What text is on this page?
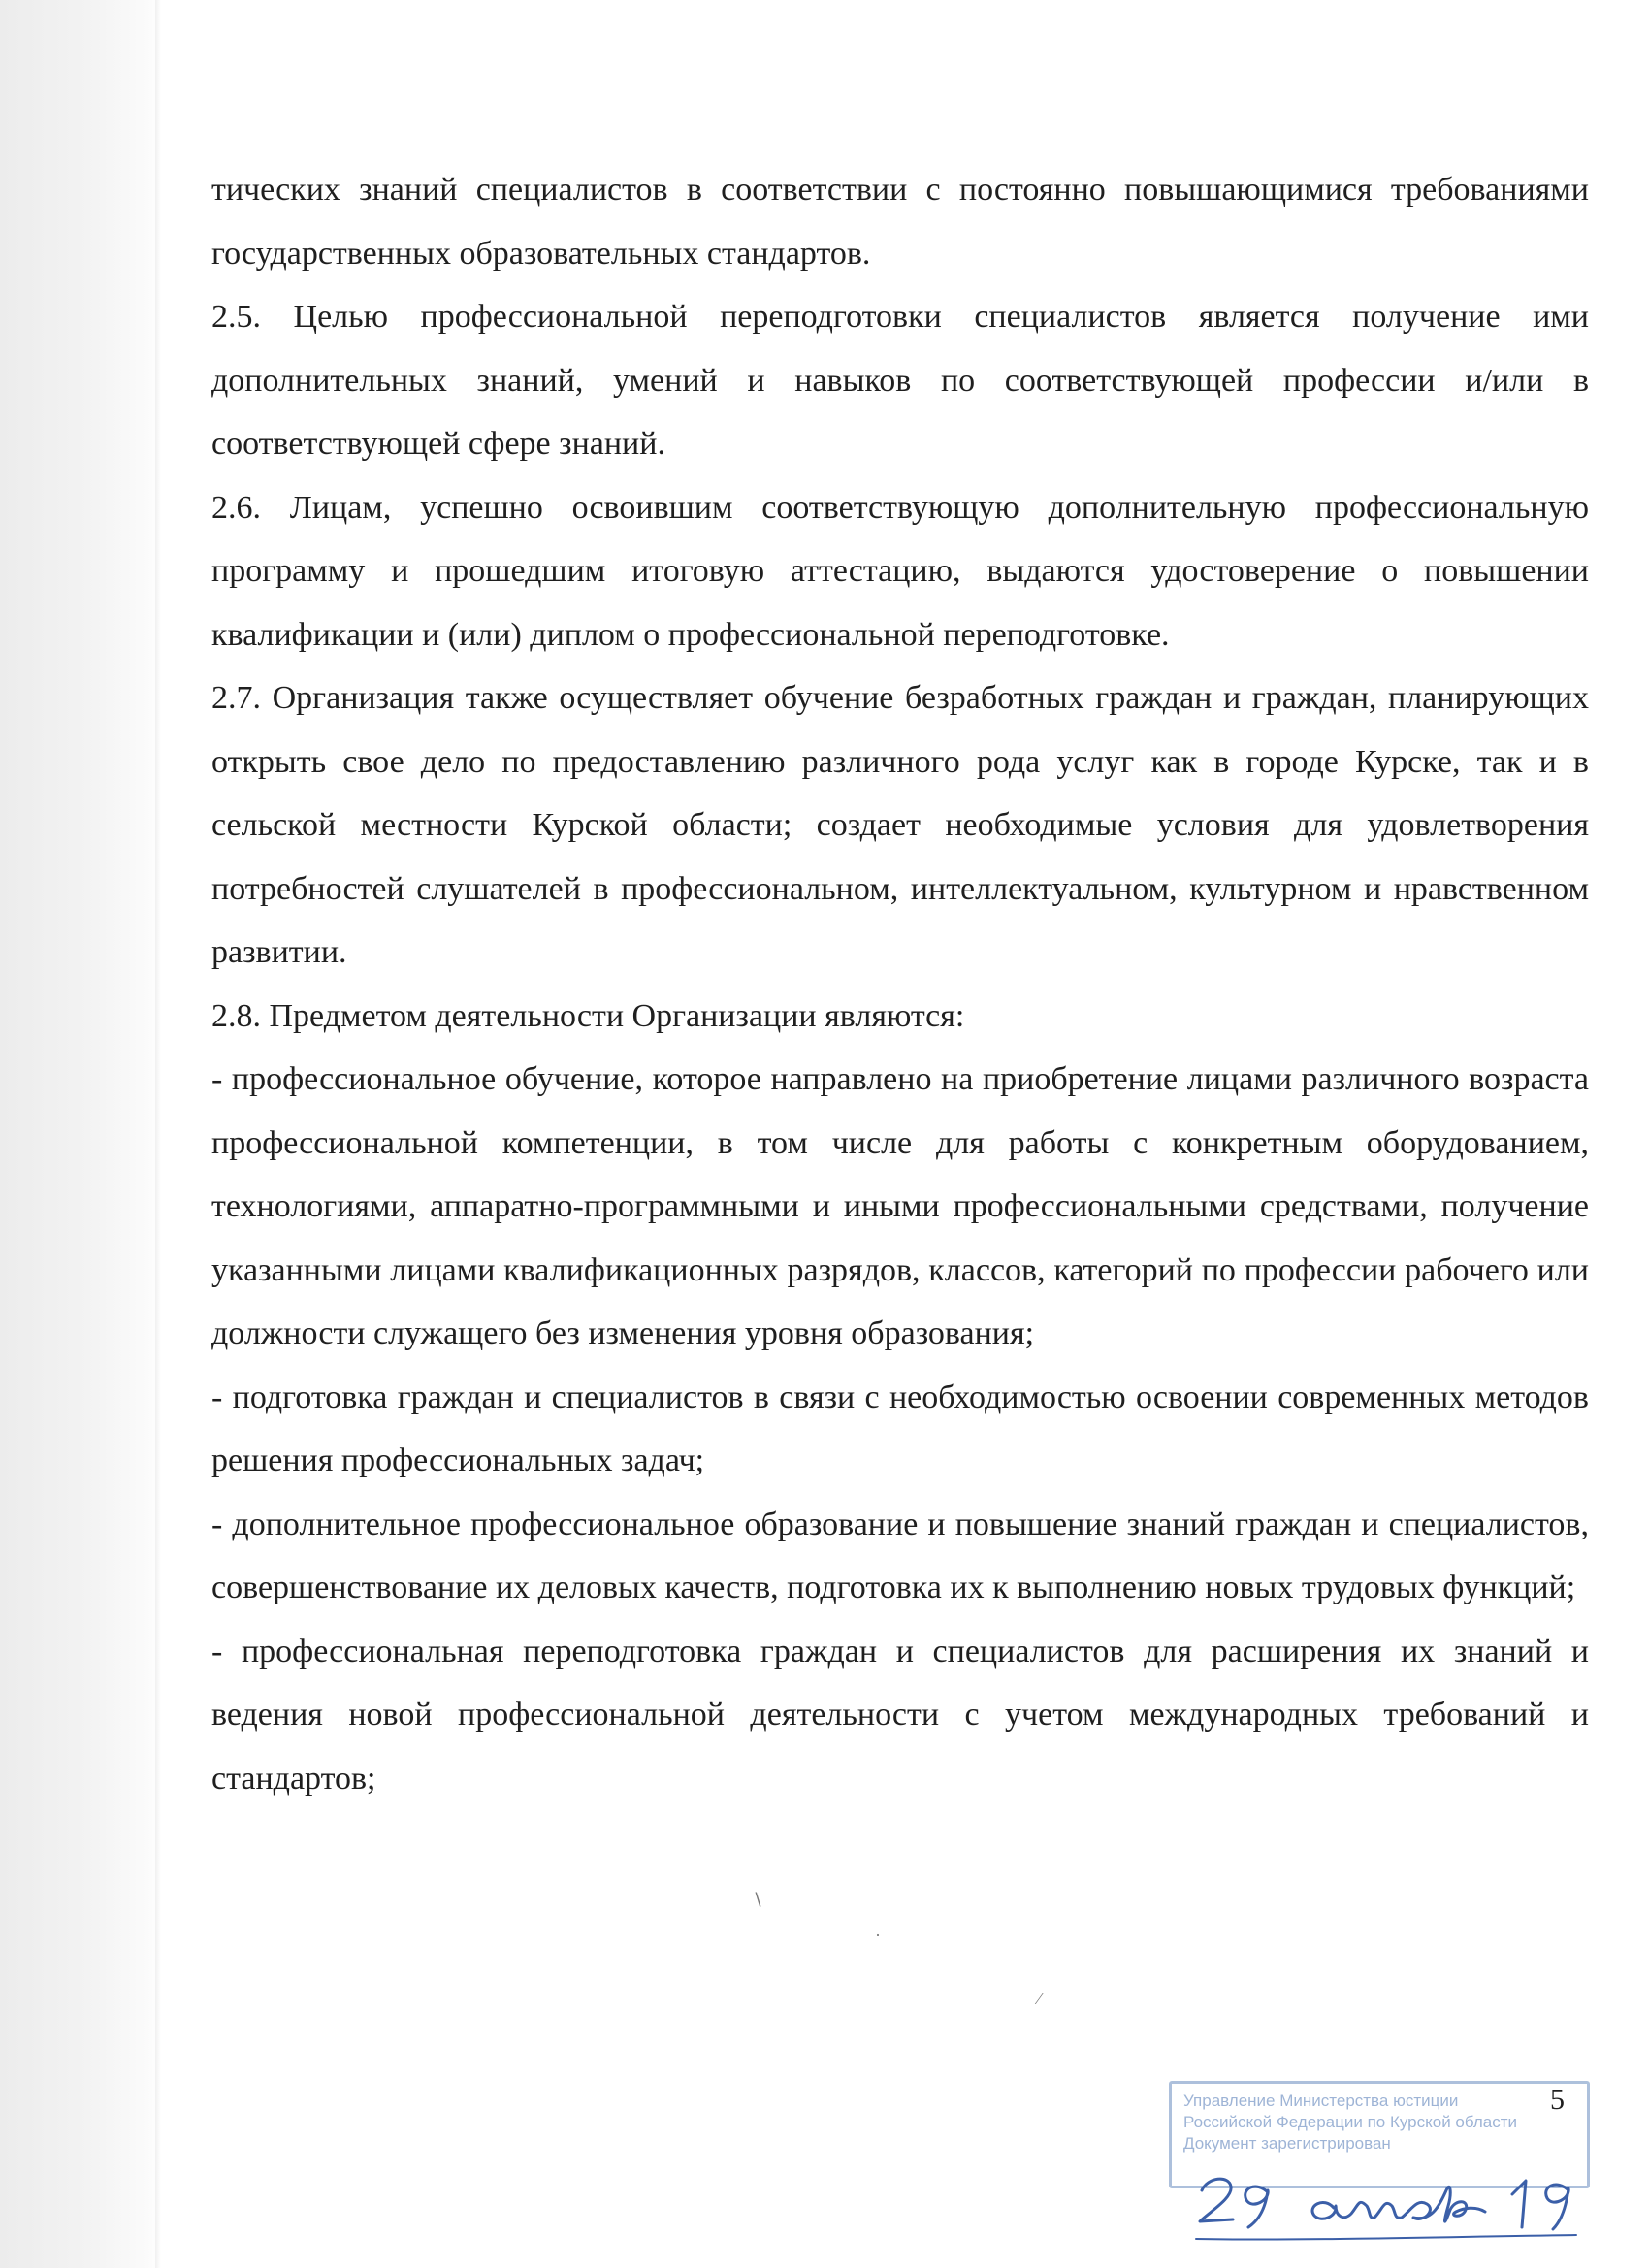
тических знаний специалистов в соответствии с постоянно повышающимися требованиями государственных образовательных стандартов.

2.5. Целью профессиональной переподготовки специалистов является получение ими дополнительных знаний, умений и навыков по соответствующей профессии и/или в соответствующей сфере знаний.

2.6. Лицам, успешно освоившим соответствующую дополнительную профессиональную программу и прошедшим итоговую аттестацию, выдаются удостоверение о повышении квалификации и (или) диплом о профессиональной переподготовке.

2.7. Организация также осуществляет обучение безработных граждан и граждан, планирующих открыть свое дело по предоставлению различного рода услуг как в городе Курске, так и в сельской местности Курской области; создает необходимые условия для удовлетворения потребностей слушателей в профессиональном, интеллектуальном, культурном и нравственном развитии.

2.8. Предметом деятельности Организации являются:

- профессиональное обучение, которое направлено на приобретение лицами различного возраста профессиональной компетенции, в том числе для работы с конкретным оборудованием, технологиями, аппаратно-программными и иными профессиональными средствами, получение указанными лицами квалификационных разрядов, классов, категорий по профессии рабочего или должности служащего без изменения уровня образования;

- подготовка граждан и специалистов в связи с необходимостью освоении современных методов решения профессиональных задач;

- дополнительное профессиональное образование и повышение знаний граждан и специалистов, совершенствование их деловых качеств, подготовка их к выполнению новых трудовых функций;

- профессиональная переподготовка граждан и специалистов для расширения их знаний и ведения новой профессиональной деятельности с учетом международных требований и стандартов;

∖
·
∕
5
Управление Министерства юстиции
Российской Федерации по Курской области
Документ зарегистрирован
